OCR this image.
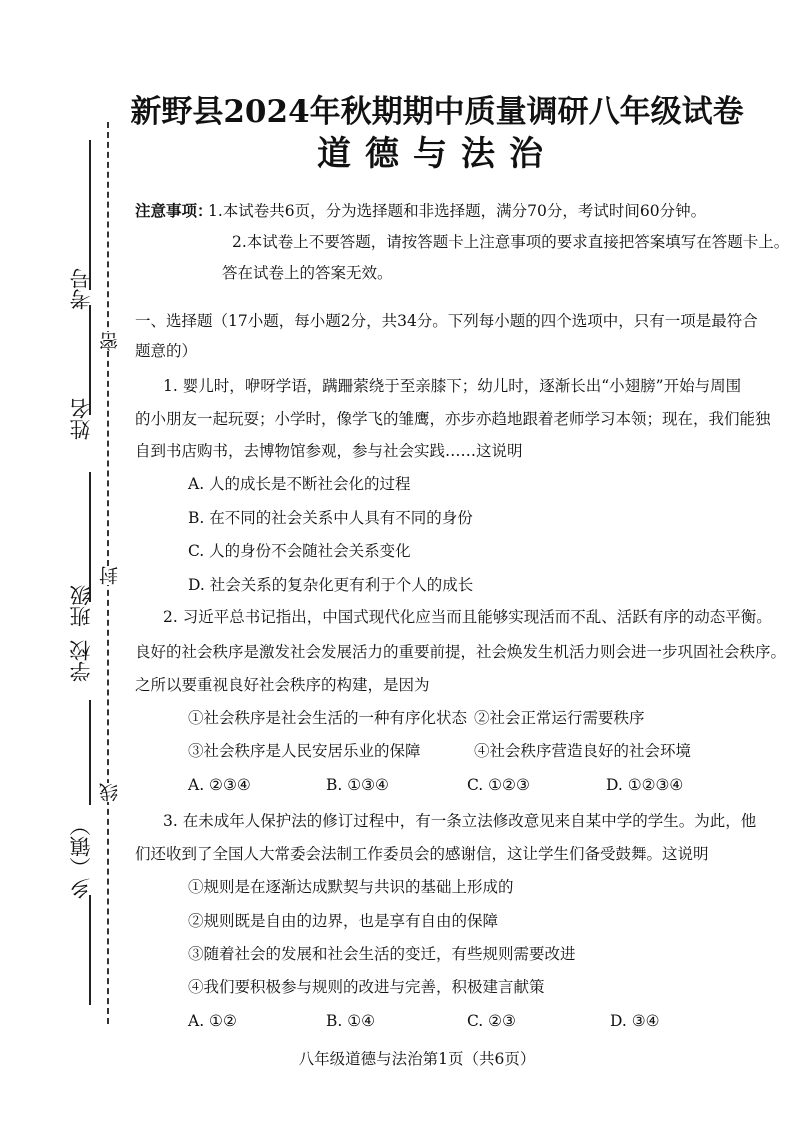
考号
姓名
班级
学校
乡（镇）
密
封
线
新野县2024年秋期期中质量调研八年级试卷
道德与法治
注意事项：
1.本试卷共6页，分为选择题和非选择题，满分70分，考试时间60分钟。
2.本试卷上不要答题，请按答题卡上注意事项的要求直接把答案填写在答题卡上。
答在试卷上的答案无效。
一、选择题（17小题，每小题2分，共34分。下列每小题的四个选项中，只有一项是最符合
题意的）
1. 婴儿时，咿呀学语，蹒跚萦绕于至亲膝下；幼儿时，逐渐长出“小翅膀”开始与周围
的小朋友一起玩耍；小学时，像学飞的雏鹰，亦步亦趋地跟着老师学习本领；现在，我们能独
自到书店购书，去博物馆参观，参与社会实践……这说明
A. 人的成长是不断社会化的过程
B. 在不同的社会关系中人具有不同的身份
C. 人的身份不会随社会关系变化
D. 社会关系的复杂化更有利于个人的成长
2. 习近平总书记指出，中国式现代化应当而且能够实现活而不乱、活跃有序的动态平衡。
良好的社会秩序是激发社会发展活力的重要前提，社会焕发生机活力则会进一步巩固社会秩序。
之所以要重视良好社会秩序的构建，是因为
①社会秩序是社会生活的一种有序化状态 ②社会正常运行需要秩序
③社会秩序是人民安居乐业的保障	④社会秩序营造良好的社会环境
A. ②③④	B. ①③④	C. ①②③	D. ①②③④
3. 在未成年人保护法的修订过程中，有一条立法修改意见来自某中学的学生。为此，他
们还收到了全国人大常委会法制工作委员会的感谢信，这让学生们备受鼓舞。这说明
①规则是在逐渐达成默契与共识的基础上形成的
②规则既是自由的边界，也是享有自由的保障
③随着社会的发展和社会生活的变迁，有些规则需要改进
④我们要积极参与规则的改进与完善，积极建言献策
A. ①②	B. ①④	C. ②③	D. ③④
八年级道德与法治第1页（共6页）
